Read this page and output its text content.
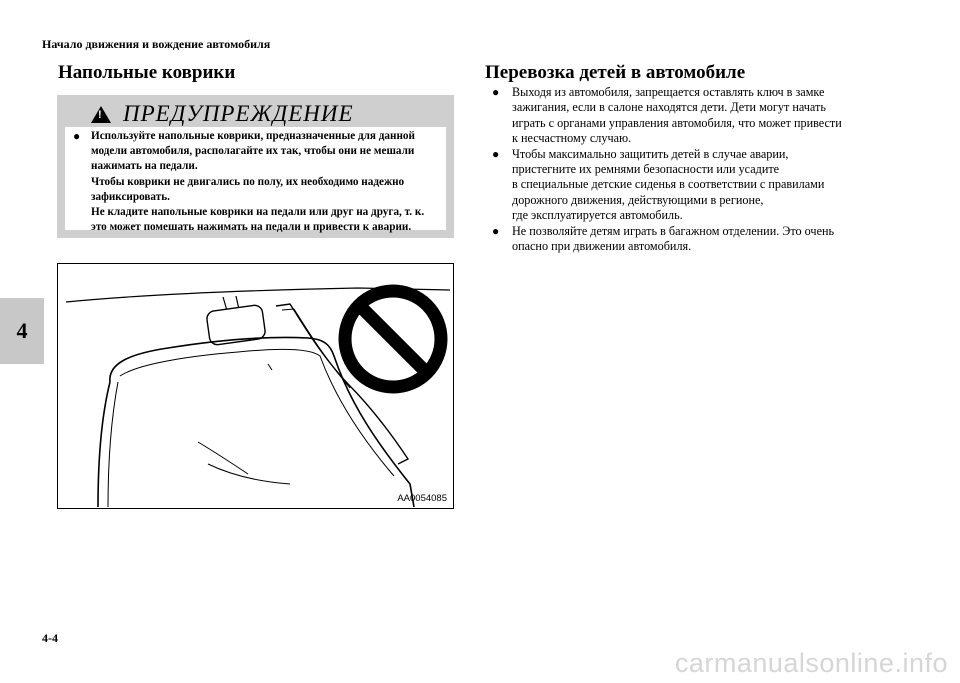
Начало движения и вождение автомобиля
4
Напольные коврики
! ПРЕДУПРЕЖДЕНИЕ
● Используйте напольные коврики, предназначенные для данной

модели автомобиля, располагайте их так, чтобы они не мешали

нажимать на педали.

Чтобы коврики не двигались по полу, их необходимо надежно

зафиксировать.

Не кладите напольные коврики на педали или друг на друга, т. к.

это может помешать нажимать на педали и привести к аварии.

AA0054085
Перевозка детей в автомобиле
●	Выходя из автомобиля, запрещается оставлять ключ в замке

зажигания, если в салоне находятся дети. Дети могут начать

играть с органами управления автомобиля, что может привести

к несчастному случаю.

●	Чтобы максимально защитить детей в случае аварии,

пристегните их ремнями безопасности или усадите

в специальные детские сиденья в соответствии с правилами

дорожного движения, действующими в регионе,

где эксплуатируется автомобиль.

●	Не позволяйте детям играть в багажном отделении. Это очень

опасно при движении автомобиля.

4-4
carmanualsonline.info
